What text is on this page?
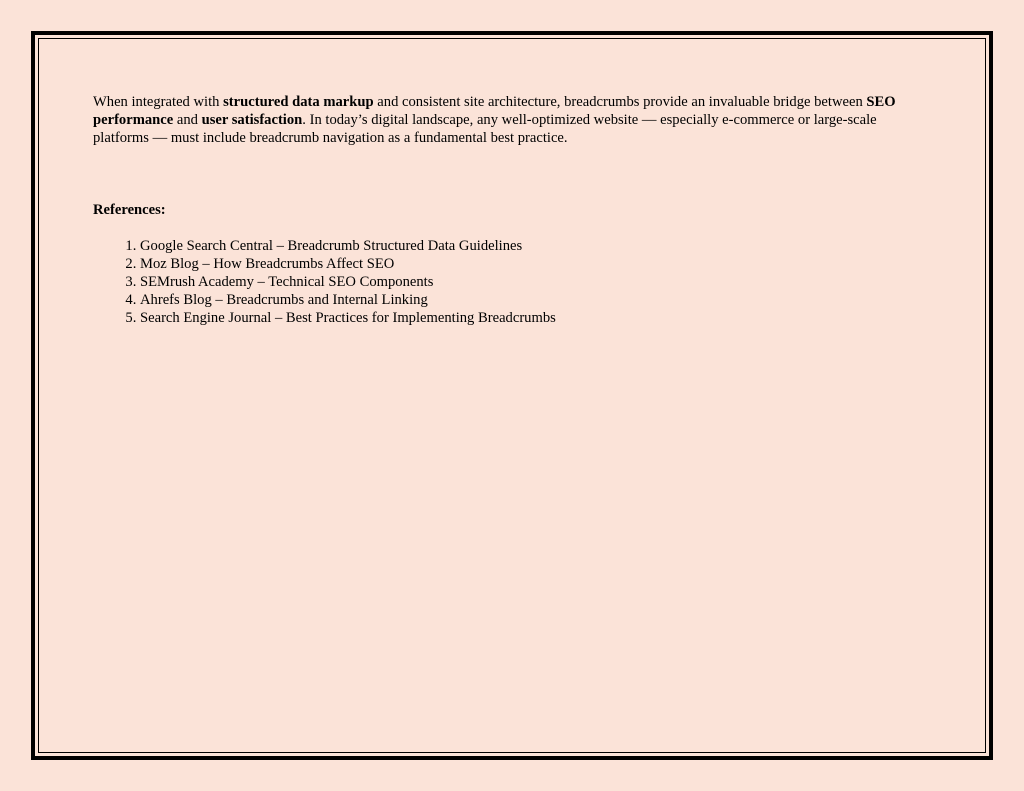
When integrated with structured data markup and consistent site architecture, breadcrumbs provide an invaluable bridge between SEO performance and user satisfaction. In today’s digital landscape, any well-optimized website — especially e-commerce or large-scale platforms — must include breadcrumb navigation as a fundamental best practice.

References:

1. Google Search Central – Breadcrumb Structured Data Guidelines
2. Moz Blog – How Breadcrumbs Affect SEO
3. SEMrush Academy – Technical SEO Components
4. Ahrefs Blog – Breadcrumbs and Internal Linking
5. Search Engine Journal – Best Practices for Implementing Breadcrumbs
